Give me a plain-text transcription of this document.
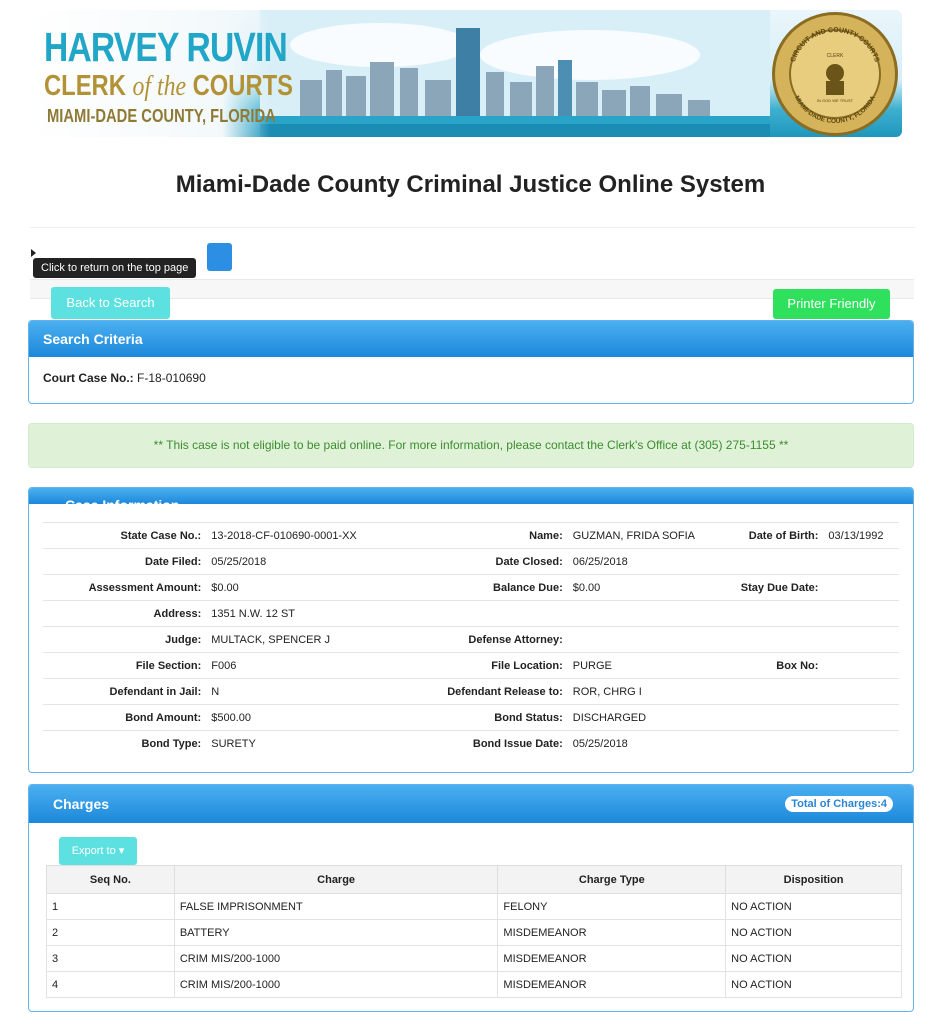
HARVEY RUVIN
CLERK of the COURTS
MIAMI-DADE COUNTY, FLORIDA
CIRCUIT AND COUNTY COURTS
MIAMI-DADE COUNTY, FLORIDA
CLERK
IN GOD WE TRUST
Miami-Dade County Criminal Justice Online System
Click to return on the top page
Back to Search	Printer Friendly
Search Criteria
Court Case No.: F-18-010690
** This case is not eligible to be paid online. For more information, please contact the Clerk's Office at (305) 275-1155 **
Case Information
State Case No.:	13-2018-CF-010690-0001-XX	Name:	GUZMAN, FRIDA SOFIA	Date of Birth:	03/13/1992
Date Filed:	05/25/2018	Date Closed:	06/25/2018		
Assessment Amount:	$0.00	Balance Due:	$0.00	Stay Due Date:	
Address:	1351 N.W. 12 ST				
Judge:	MULTACK, SPENCER J	Defense Attorney:			
File Section:	F006	File Location:	PURGE	Box No:	
Defendant in Jail:	N	Defendant Release to:	ROR, CHRG I		
Bond Amount:	$500.00	Bond Status:	DISCHARGED		
Bond Type:	SURETY	Bond Issue Date:	05/25/2018		
Charges	Total of Charges:4
Export to ▾
Seq No.	Charge	Charge Type	Disposition
1	FALSE IMPRISONMENT	FELONY	NO ACTION
2	BATTERY	MISDEMEANOR	NO ACTION
3	CRIM MIS/200-1000	MISDEMEANOR	NO ACTION
4	CRIM MIS/200-1000	MISDEMEANOR	NO ACTION
